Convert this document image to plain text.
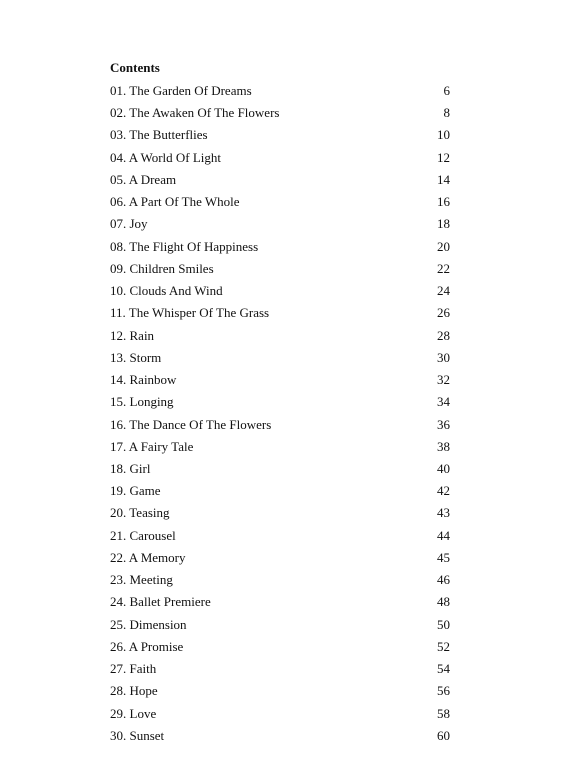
Contents
01. The Garden Of Dreams	6
02. The Awaken Of The Flowers	8
03. The Butterflies	10
04. A World Of Light	12
05. A Dream	14
06. A Part Of The Whole	16
07. Joy	18
08. The Flight Of Happiness	20
09. Children Smiles	22
10. Clouds And Wind	24
11. The Whisper Of The Grass	26
12. Rain	28
13. Storm	30
14. Rainbow	32
15. Longing	34
16. The Dance Of The Flowers	36
17. A Fairy Tale	38
18. Girl	40
19. Game	42
20. Teasing	43
21. Carousel	44
22. A Memory	45
23. Meeting	46
24. Ballet Premiere	48
25. Dimension	50
26. A Promise	52
27. Faith	54
28. Hope	56
29. Love	58
30. Sunset	60
